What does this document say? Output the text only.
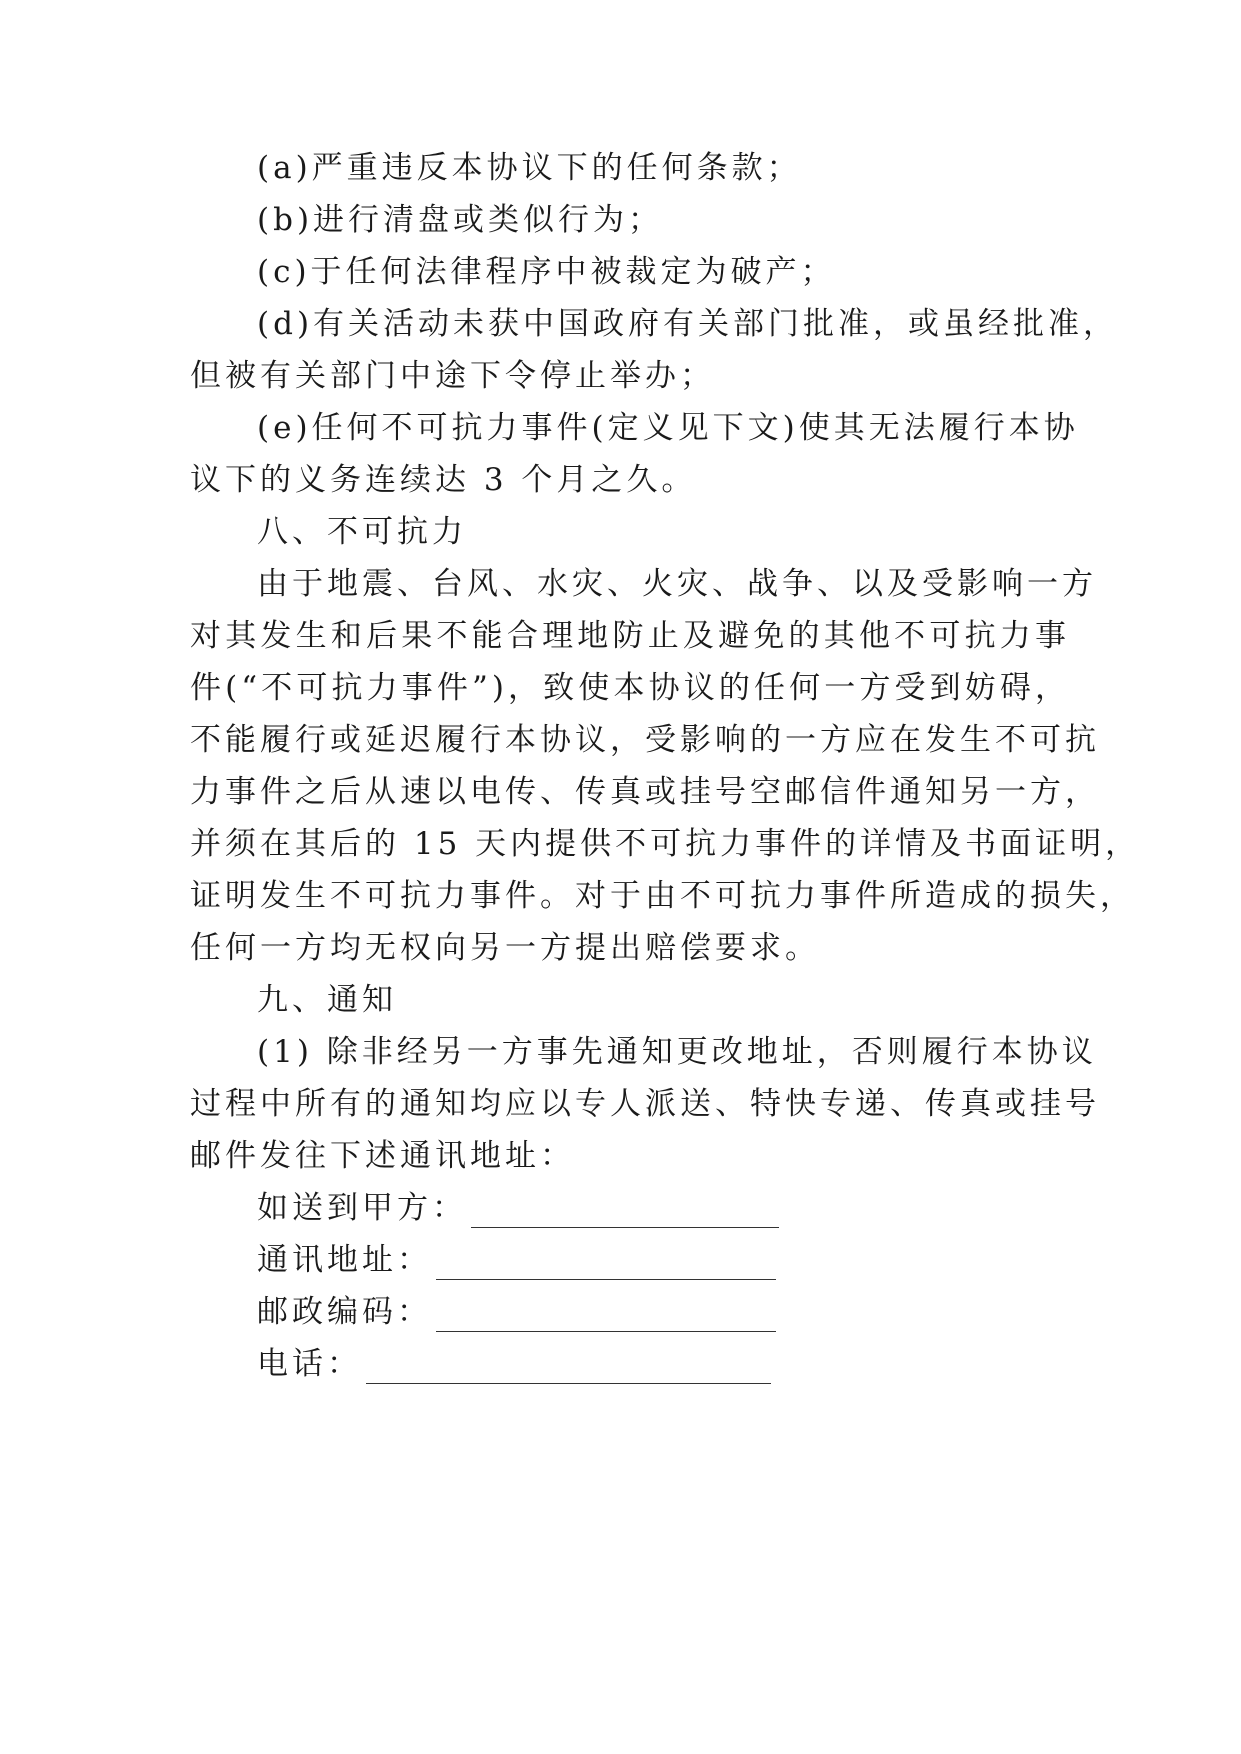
(a)严重违反本协议下的任何条款；
(b)进行清盘或类似行为；
(c)于任何法律程序中被裁定为破产；
(d)有关活动未获中国政府有关部门批准，或虽经批准，
但被有关部门中途下令停止举办；
(e)任何不可抗力事件(定义见下文)使其无法履行本协
议下的义务连续达 3 个月之久。
八、不可抗力
由于地震、台风、水灾、火灾、战争、以及受影响一方
对其发生和后果不能合理地防止及避免的其他不可抗力事
件(“不可抗力事件”)，致使本协议的任何一方受到妨碍，
不能履行或延迟履行本协议，受影响的一方应在发生不可抗
力事件之后从速以电传、传真或挂号空邮信件通知另一方，
并须在其后的 15 天内提供不可抗力事件的详情及书面证明，
证明发生不可抗力事件。对于由不可抗力事件所造成的损失，
任何一方均无权向另一方提出赔偿要求。
九、通知
(1) 除非经另一方事先通知更改地址，否则履行本协议
过程中所有的通知均应以专人派送、特快专递、传真或挂号
邮件发往下述通讯地址：
如送到甲方：
通讯地址：
邮政编码：
电话：
